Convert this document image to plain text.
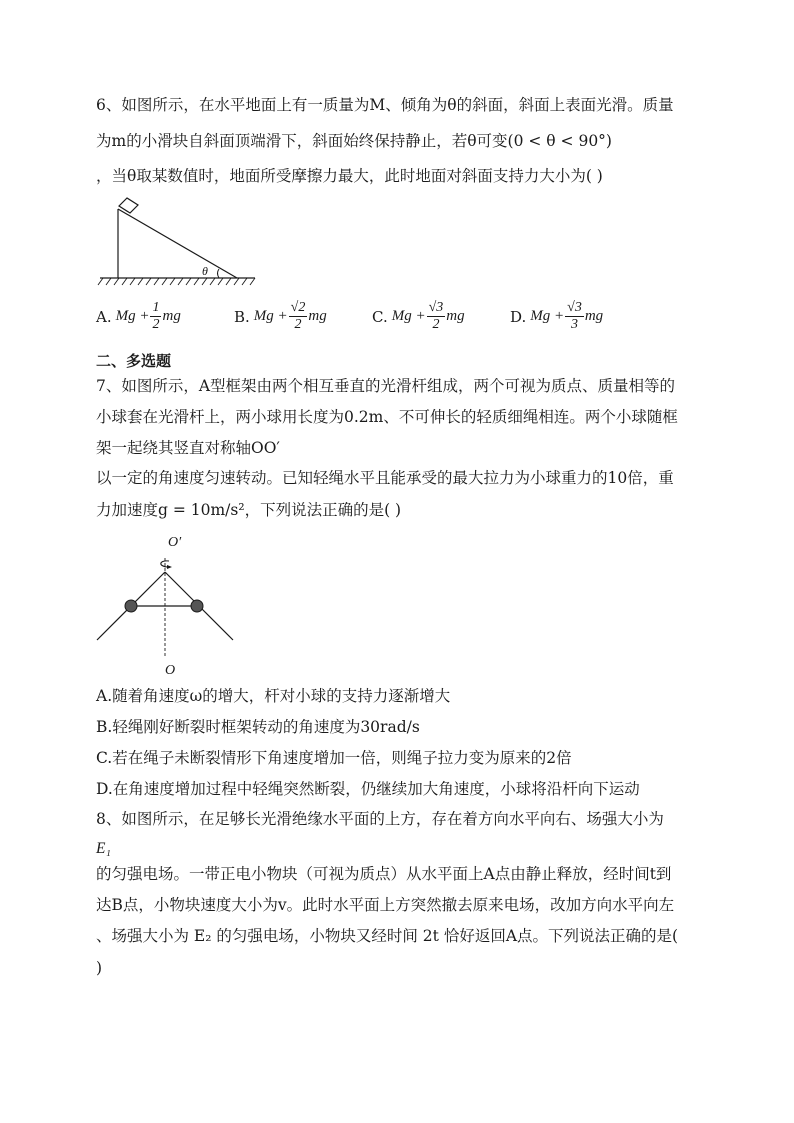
6、如图所示，在水平地面上有一质量为M、倾角为θ的斜面，斜面上表面光滑。质量
为m的小滑块自斜面顶端滑下，斜面始终保持静止，若θ可变(0 < θ < 90°)
，当θ取某数值时，地面所受摩擦力最大，此时地面对斜面支持力大小为( )
θ
A. $Mg + \frac{1}{2}$ mg	B. $Mg + \frac{√2}{2}$ mg	C. $Mg + \frac{√3}{2}$ mg	D. $Mg + \frac{√3}{3}$ mg
二、多选题
7、如图所示，A型框架由两个相互垂直的光滑杆组成，两个可视为质点、质量相等的
小球套在光滑杆上，两小球用长度为0.2m、不可伸长的轻质细绳相连。两个小球随框
架一起绕其竖直对称轴OO′
以一定的角速度匀速转动。已知轻绳水平且能承受的最大拉力为小球重力的10倍，重
力加速度g = 10m/s²，下列说法正确的是( )
O′
O
A.随着角速度ω的增大，杆对小球的支持力逐渐增大
B.轻绳刚好断裂时框架转动的角速度为30rad/s
C.若在绳子未断裂情形下角速度增加一倍，则绳子拉力变为原来的2倍
D.在角速度增加过程中轻绳突然断裂，仍继续加大角速度，小球将沿杆向下运动
8、如图所示，在足够长光滑绝缘水平面的上方，存在着方向水平向右、场强大小为
E₁
的匀强电场。一带正电小物块（可视为质点）从水平面上A点由静止释放，经时间t到
达B点，小物块速度大小为v。此时水平面上方突然撤去原来电场，改加方向水平向左
、场强大小为 E₂ 的匀强电场，小物块又经时间 2t 恰好返回A点。下列说法正确的是(
)
